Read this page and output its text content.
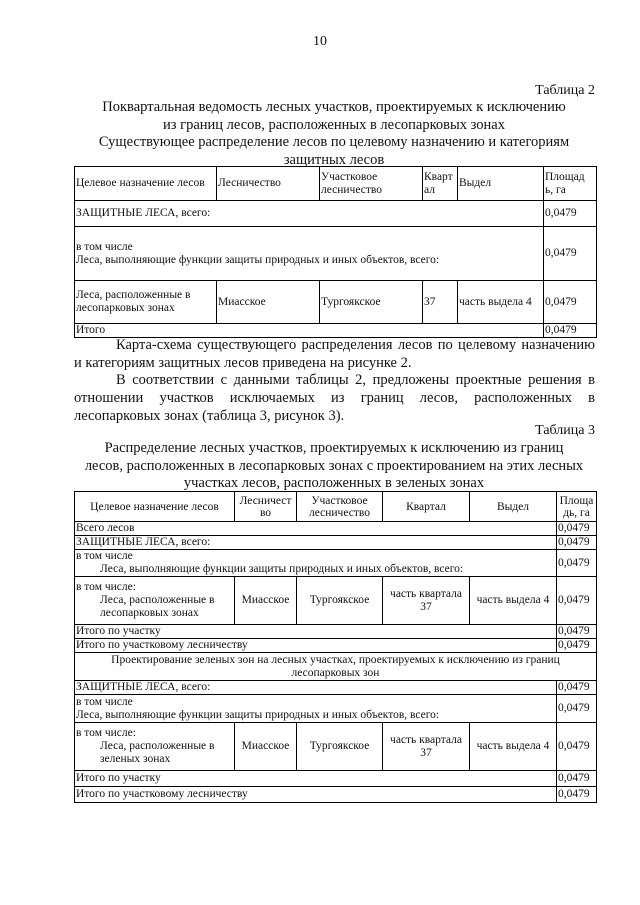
10
Таблица 2
Поквартальная ведомость лесных участков, проектируемых к исключению
из границ лесов, расположенных в лесопарковых зонах
Существующее распределение лесов по целевому назначению и категориям
защитных лесов
Целевое назначение лесов	Лесничество	Участковое лесничество	Кварт ал	Выдел	Площад ь, га
ЗАЩИТНЫЕ ЛЕСА, всего:					0,0479

в том числе
Леса, выполняющие функции защиты природных и иных объектов, всего:					0,0479
Леса, расположенные в лесопарковых зонах	Миасское	Тургоякское	37	часть выдела 4	0,0479
Итого					0,0479
Карта-схема существующего распределения лесов по целевому назначению и категориям защитных лесов приведена на рисунке 2.
В соответствии с данными таблицы 2, предложены проектные решения в отношении участков исключаемых из границ лесов, расположенных в лесопарковых зонах (таблица 3, рисунок 3).
Таблица 3
Распределение лесных участков, проектируемых к исключению из границ
лесов, расположенных в лесопарковых зонах с проектированием на этих лесных
участках лесов, расположенных в зеленых зонах
Целевое назначение лесов	Лесничест во	Участковое лесничество	Квартал	Выдел	Площа дь, га
Всего лесов					0,0479
ЗАЩИТНЫЕ ЛЕСА, всего:					0,0479

в том числе
Леса, выполняющие функции защиты природных и иных объектов, всего:					0,0479

в том числе:
Леса, расположенные в лесопарковых зонах	Миасское	Тургоякское	часть квартала 37	часть выдела 4	0,0479
Итого по участку					0,0479
Итого по участковому лесничеству					0,0479
Проектирование зеленых зон на лесных участках, проектируемых к исключению из границ лесопарковых зон					
ЗАЩИТНЫЕ ЛЕСА, всего:					0,0479

в том числе
Леса, выполняющие функции защиты природных и иных объектов, всего:					0,0479

в том числе:
Леса, расположенные в зеленых зонах	Миасское	Тургоякское	часть квартала 37	часть выдела 4	0,0479
Итого по участку					0,0479
Итого по участковому лесничеству					0,0479
